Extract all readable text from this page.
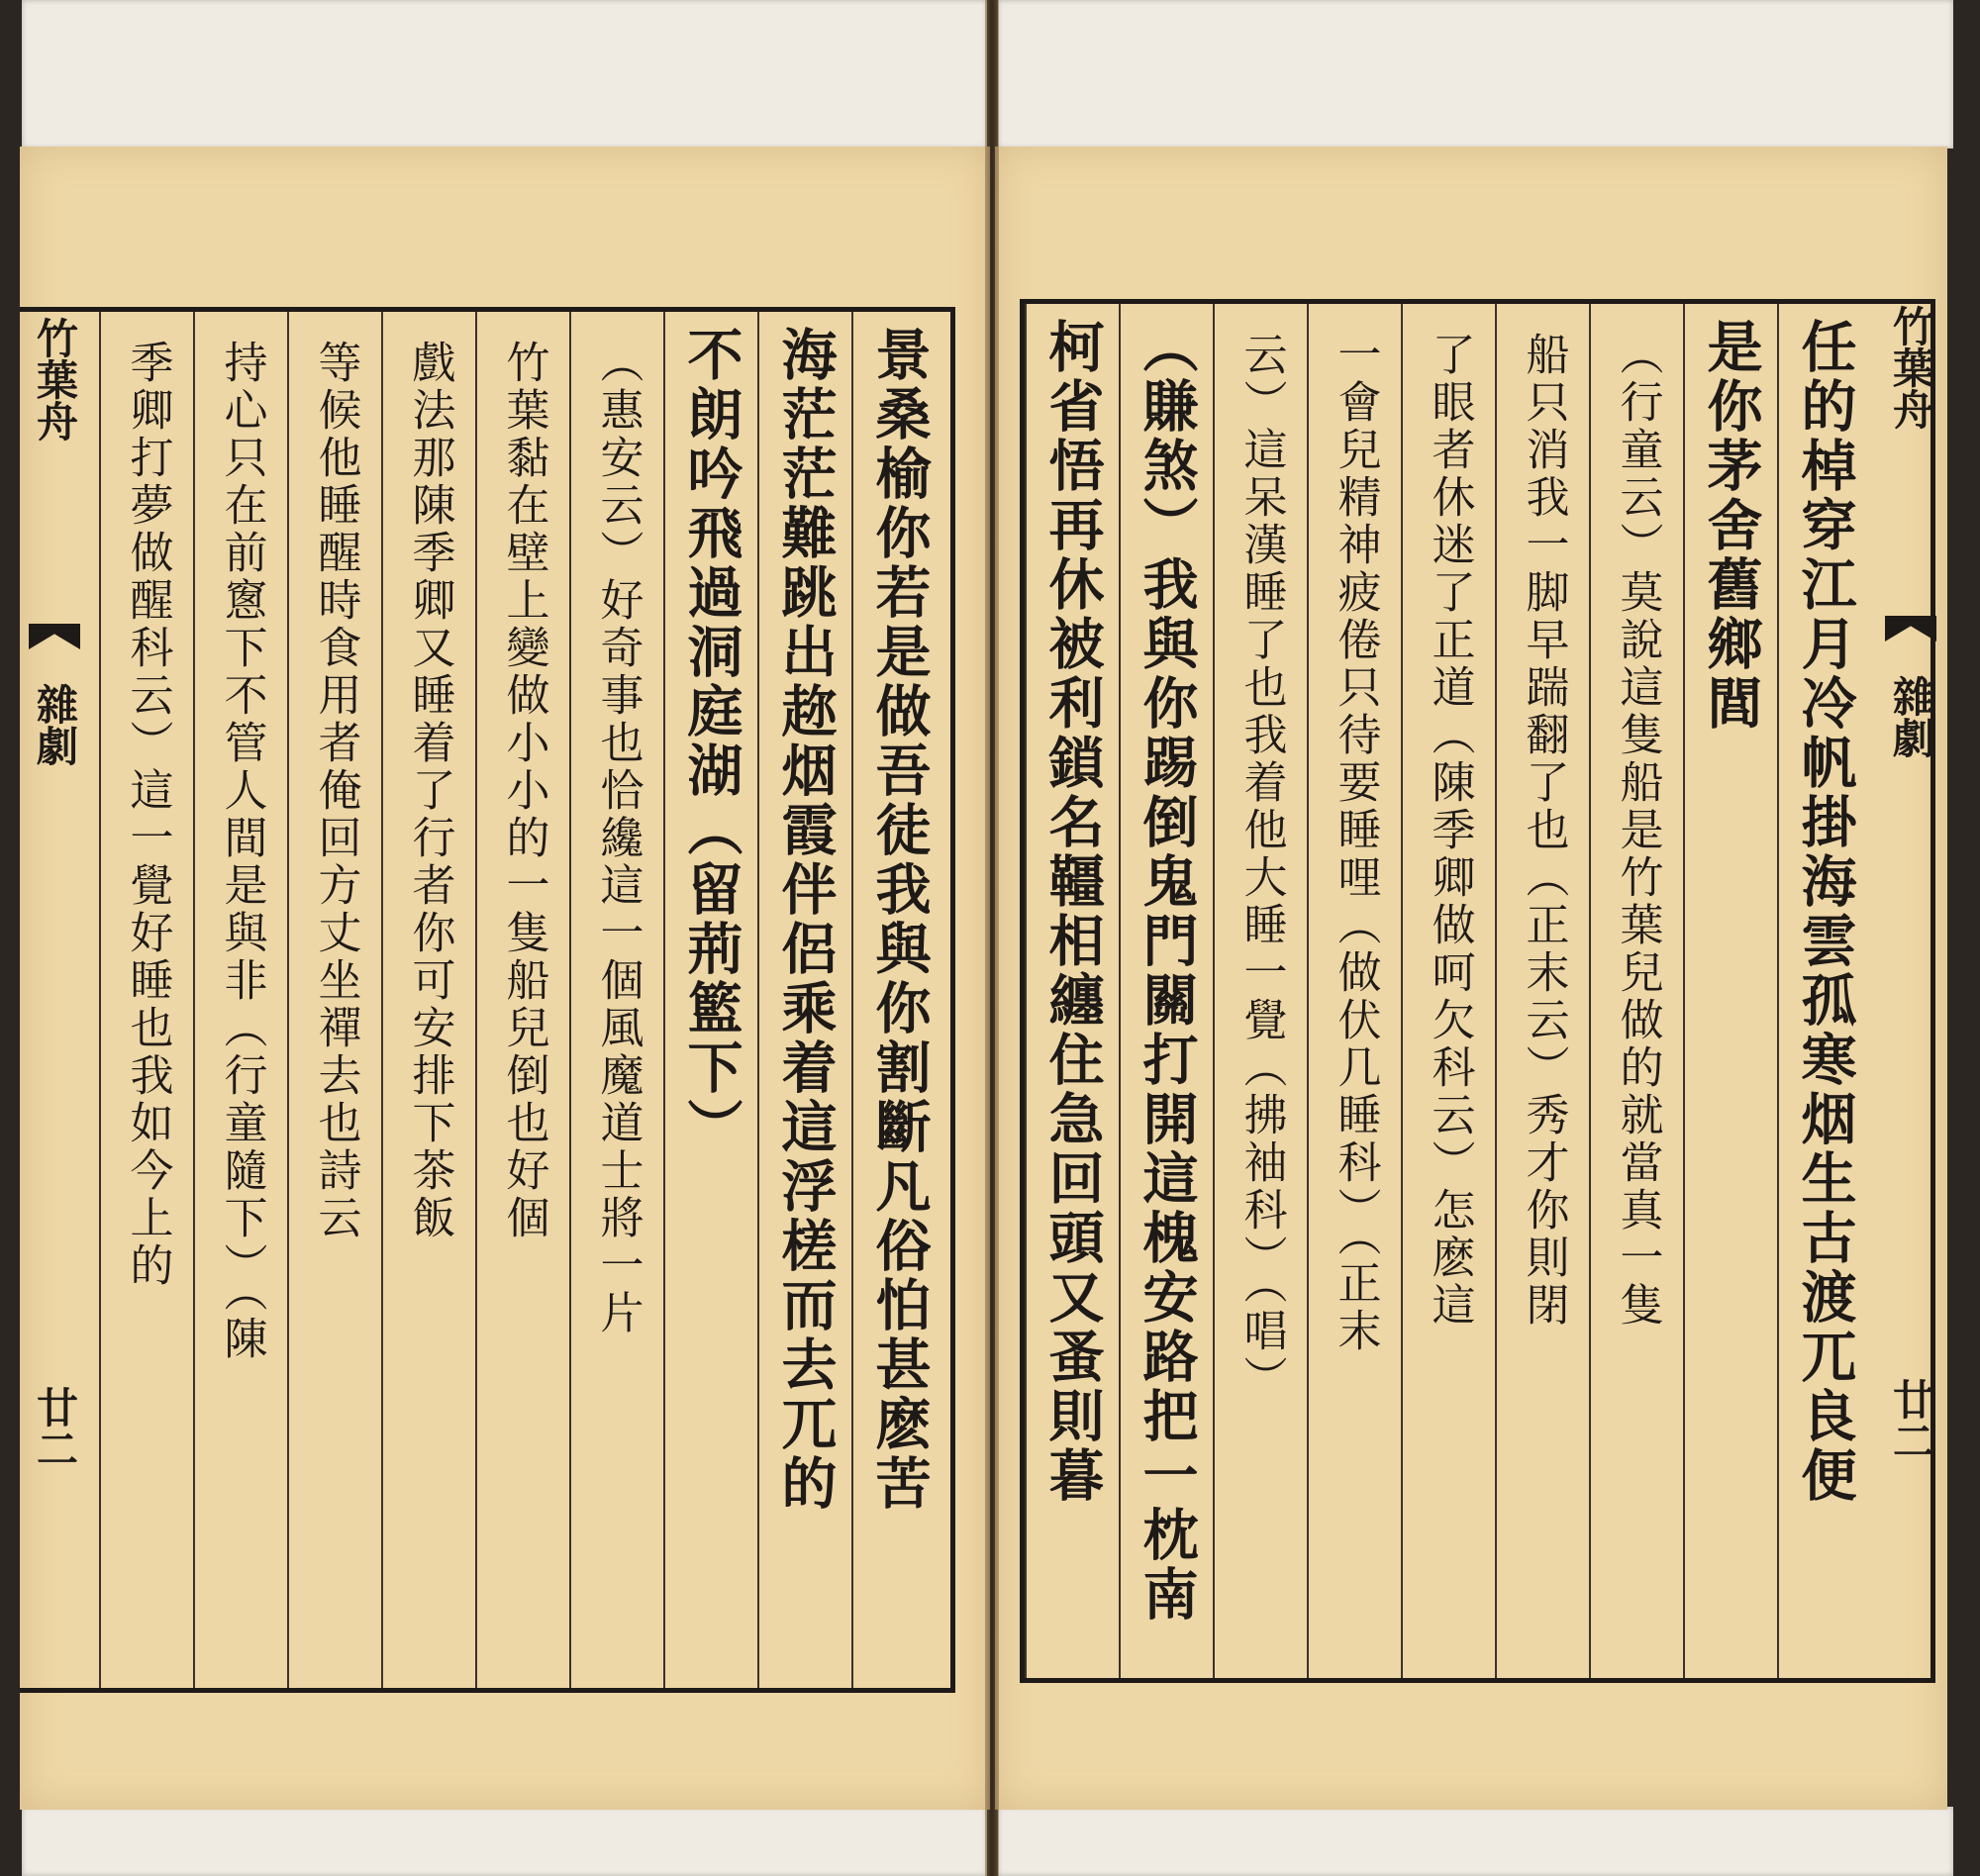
竹葉舟
雜劇
廿二	景桑榆你若是做吾徒我與你割斷凡俗怕甚麽苦
海茫茫難跳出趂烟霞伴侶乘着這浮槎而去兀的
不朗吟飛過洞庭湖（留荊籃下）
（惠安云）好奇事也恰纔這一個風魔道士將一片
竹葉黏在壁上變做小小的一隻船兒倒也好個
戲法那陳季卿又睡着了行者你可安排下茶飯
等候他睡醒時食用者俺回方丈坐禪去也詩云
持心只在前窻下不管人間是與非（行童隨下）（陳
季卿打夢做醒科云）這一覺好睡也我如今上的	任的棹穿江月冷帆掛海雲孤寒烟生古渡兀良便
是你茅舍舊鄉閭
（行童云）莫說這隻船是竹葉兒做的就當真一隻
船只消我一脚早踹翻了也（正末云）秀才你則閉
了眼者休迷了正道（陳季卿做呵欠科云）怎麽這
一會兒精神疲倦只待要睡哩（做伏几睡科）（正末
云）這呆漢睡了也我着他大睡一覺（拂袖科）（唱）
（賺煞）我與你踢倒鬼門關打開這槐安路把一枕南
柯省悟再休被利鎖名韁相纏住急回頭又蚤則暮	竹葉舟
雜劇
廿二
